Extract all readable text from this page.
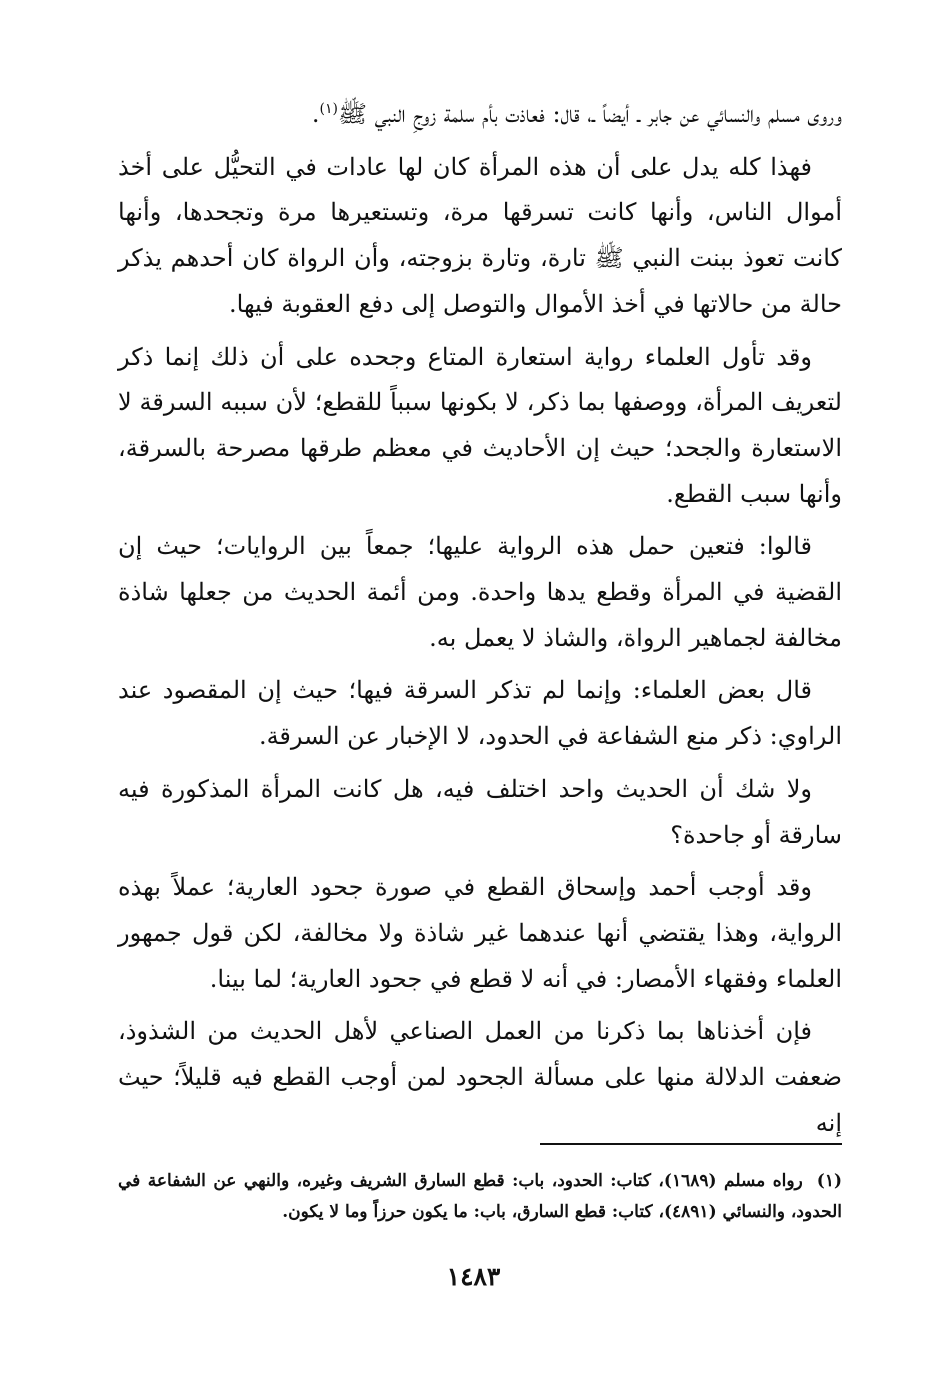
وروى مسلم والنسائي عن جابر ـ أيضاً ـ، قال: فعاذت بأم سلمة زوجِ النبي ﷺ$^{(١)}$.

فهذا كله يدل على أن هذه المرأة كان لها عادات في التحيُّل على أخذ أموال الناس، وأنها كانت تسرقها مرة، وتستعيرها مرة وتجحدها، وأنها كانت تعوذ ببنت النبي ﷺ تارة، وتارة بزوجته، وأن الرواة كان أحدهم يذكر حالة من حالاتها في أخذ الأموال والتوصل إلى دفع العقوبة فيها.

وقد تأول العلماء رواية استعارة المتاع وجحده على أن ذلك إنما ذكر لتعريف المرأة، ووصفها بما ذكر، لا بكونها سبباً للقطع؛ لأن سببه السرقة لا الاستعارة والجحد؛ حيث إن الأحاديث في معظم طرقها مصرحة بالسرقة، وأنها سبب القطع.

قالوا: فتعين حمل هذه الرواية عليها؛ جمعاً بين الروايات؛ حيث إن القضية في المرأة وقطع يدها واحدة. ومن أئمة الحديث من جعلها شاذة مخالفة لجماهير الرواة، والشاذ لا يعمل به.

قال بعض العلماء: وإنما لم تذكر السرقة فيها؛ حيث إن المقصود عند الراوي: ذكر منع الشفاعة في الحدود، لا الإخبار عن السرقة.

ولا شك أن الحديث واحد اختلف فيه، هل كانت المرأة المذكورة فيه سارقة أو جاحدة؟

وقد أوجب أحمد وإسحاق القطع في صورة جحود العارية؛ عملاً بهذه الرواية، وهذا يقتضي أنها عندهما غير شاذة ولا مخالفة، لكن قول جمهور العلماء وفقهاء الأمصار: في أنه لا قطع في جحود العارية؛ لما بينا.

فإن أخذناها بما ذكرنا من العمل الصناعي لأهل الحديث من الشذوذ، ضعفت الدلالة منها على مسألة الجحود لمن أوجب القطع فيه قليلاً؛ حيث إنه

(١)رواه مسلم (١٦٨٩)، كتاب: الحدود، باب: قطع السارق الشريف وغيره، والنهي عن الشفاعة في الحدود، والنسائي (٤٨٩١)، كتاب: قطع السارق، باب: ما يكون حرزاً وما لا يكون.

١٤٨٣
